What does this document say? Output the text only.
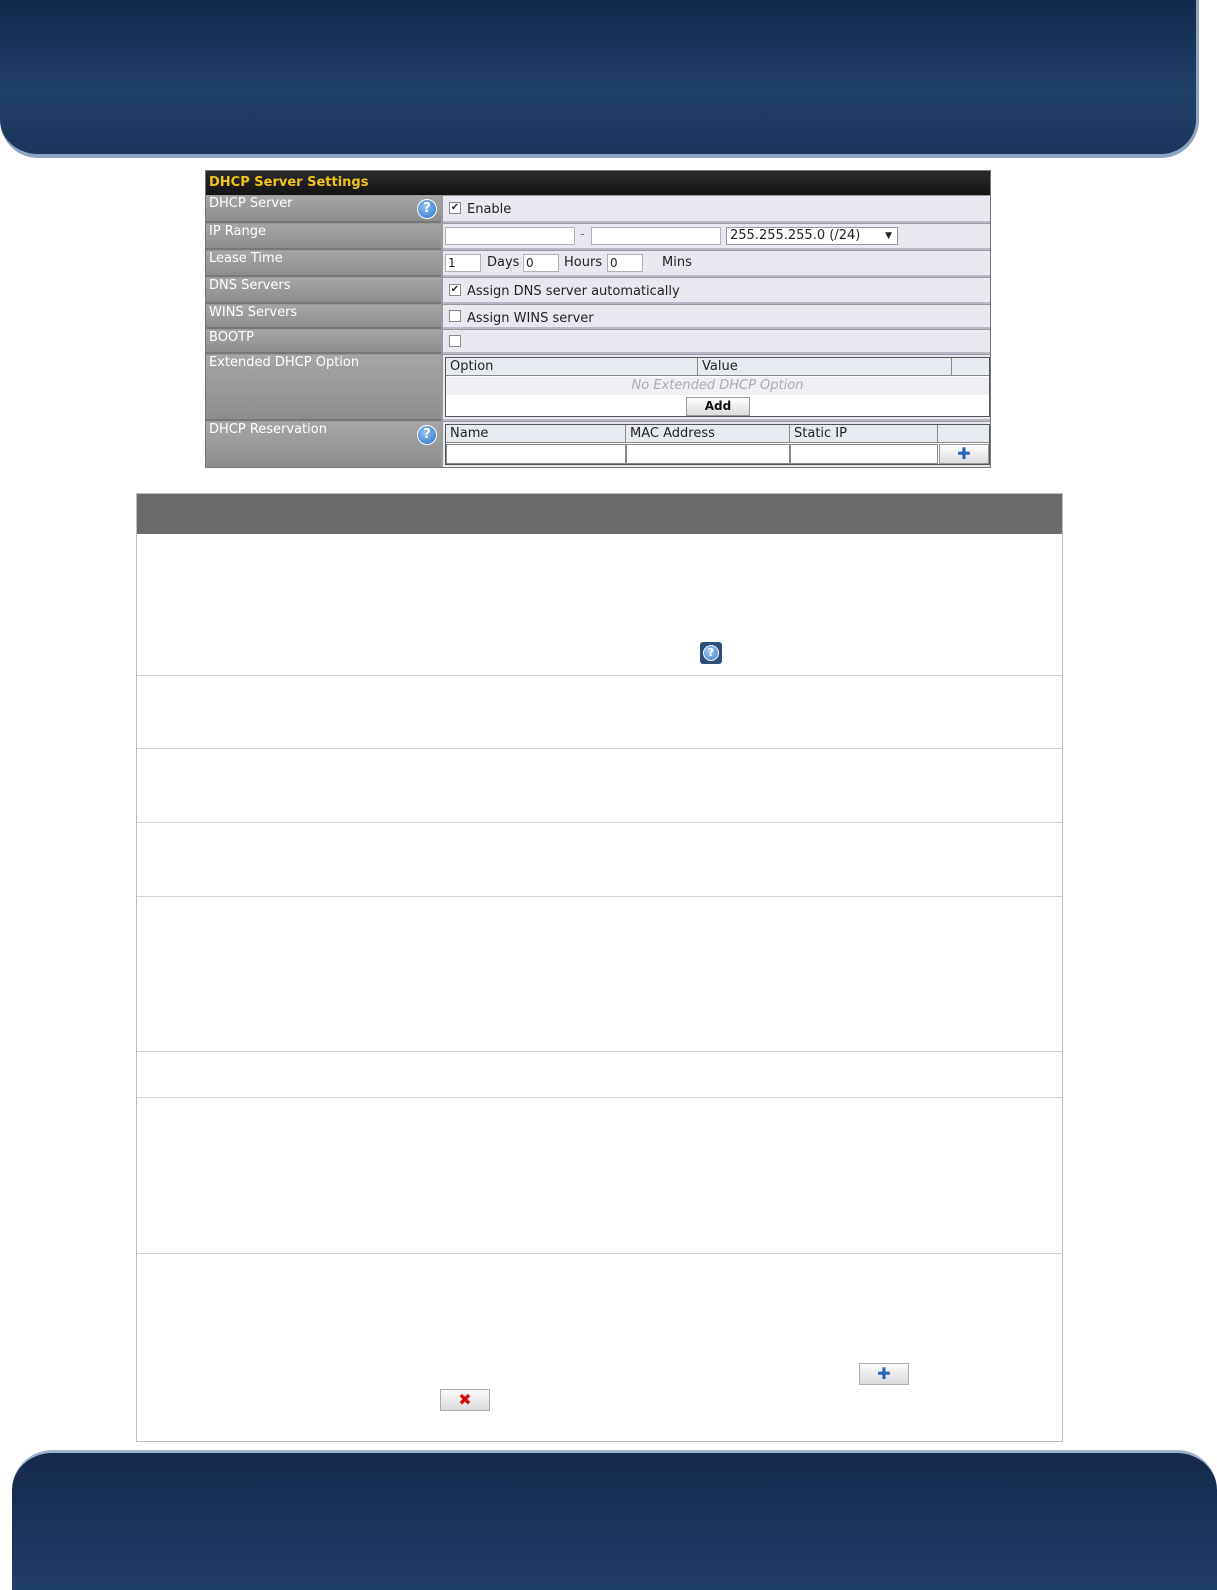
DHCP Server Settings
DHCP Server	?	✔ Enable
IP Range	-	255.255.255.0 (/24)	▼
Lease Time	1	Days 0	Hours 0	Mins
DNS Servers	✔ Assign DNS server automatically
WINS Servers	Assign WINS server
BOOTP
Extended DHCP Option	Option	Value
No Extended DHCP Option
Add
DHCP Reservation	?	Name	MAC Address	Static IP
✚
?
✚
✖
